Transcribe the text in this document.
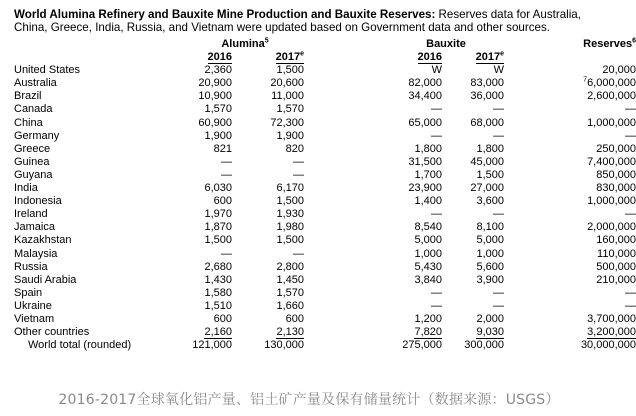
World Alumina Refinery and Bauxite Mine Production and Bauxite Reserves: Reserves data for Australia,
China, Greece, India, Russia, and Vietnam were updated based on Government data and other sources.
		Alumina$^5$			Bauxite			Reserves$^6$
		2016	2017e		2016	2017e		
United States		2,360	1,500		W	W		20,000
Australia		20,900	20,600		82,000	83,000		$^7$6,000,000
Brazil		10,900	11,000		34,400	36,000		2,600,000
Canada		1,570	1,570		—	—		—
China		60,900	72,300		65,000	68,000		1,000,000
Germany		1,900	1,900		—	—		—
Greece		821	820		1,800	1,800		250,000
Guinea		—	—		31,500	45,000		7,400,000
Guyana		—	—		1,700	1,500		850,000
India		6,030	6,170		23,900	27,000		830,000
Indonesia		600	1,500		1,400	3,600		1,000,000
Ireland		1,970	1,930		—	—		—
Jamaica		1,870	1,980		8,540	8,100		2,000,000
Kazakhstan		1,500	1,500		5,000	5,000		160,000
Malaysia		—	—		1,000	1,000		110,000
Russia		2,680	2,800		5,430	5,600		500,000
Saudi Arabia		1,430	1,450		3,840	3,900		210,000
Spain		1,580	1,570		—	—		—
Ukraine		1,510	1,660		—	—		—
Vietnam		600	600		1,200	2,000		3,700,000
Other countries		2,160	2,130		7,820	9,030		3,200,000
World total (rounded)		121,000	130,000		275,000	300,000		30,000,000
2016-2017全球氧化铝产量、铝土矿产量及保有储量统计（数据来源：USGS）
